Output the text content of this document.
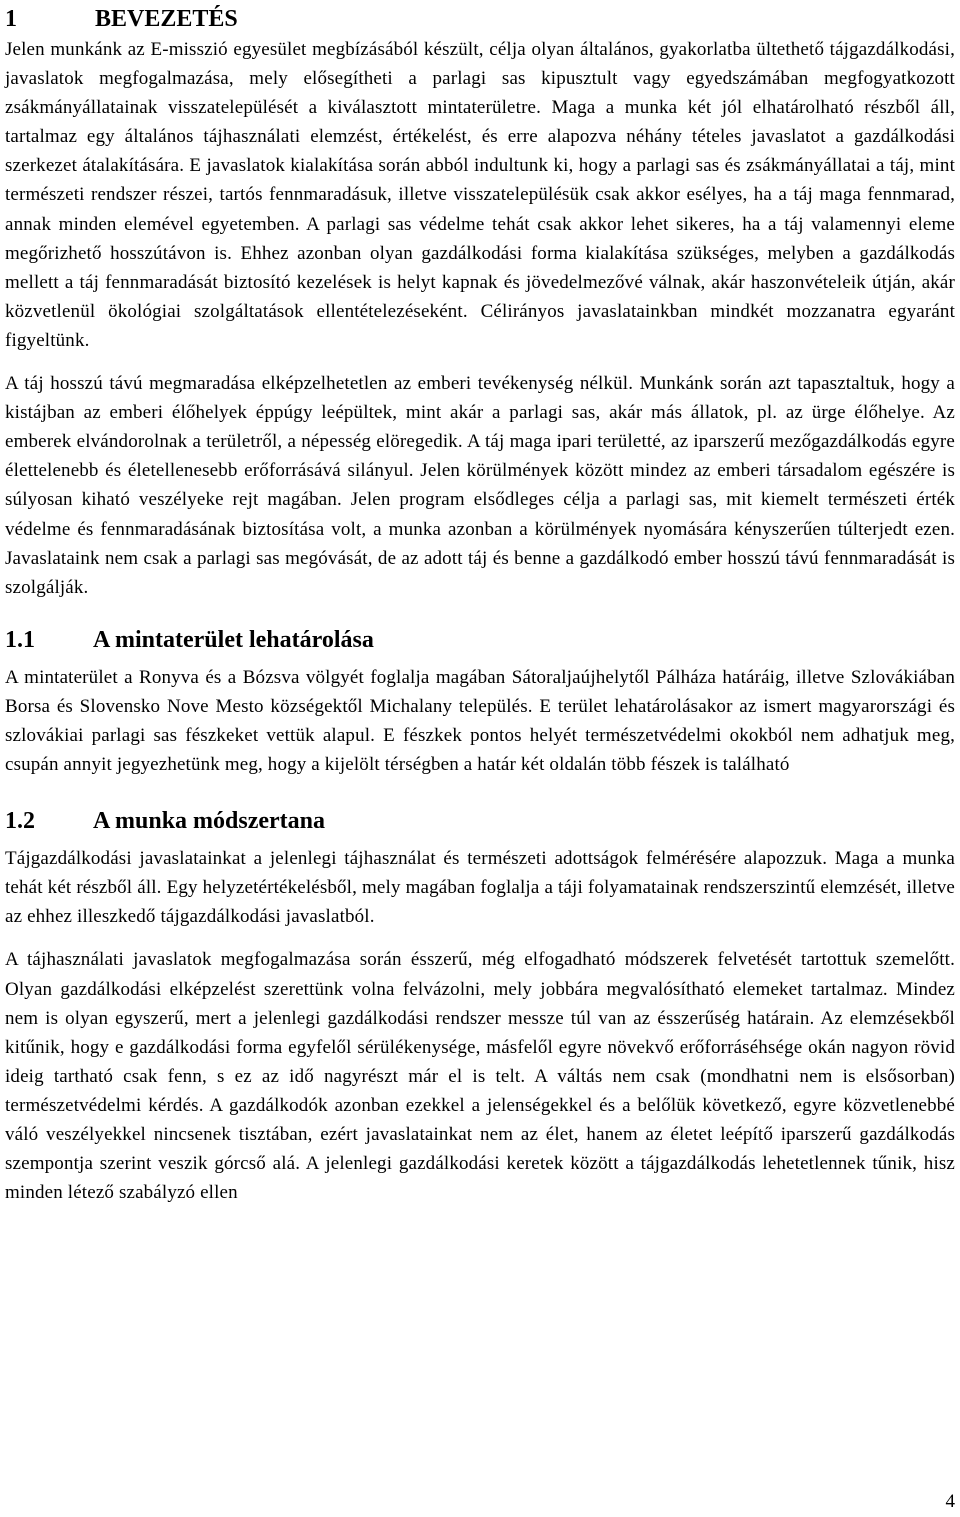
1	BEVEZETÉS

Jelen munkánk az E-misszió egyesület megbízásából készült, célja olyan általános, gyakorlatba ültethető tájgazdálkodási, javaslatok megfogalmazása, mely elősegítheti a parlagi sas kipusztult vagy egyedszámában megfogyatkozott zsákmányállatainak visszatelepülését a kiválasztott mintaterületre. Maga a munka két jól elhatárolható részből áll, tartalmaz egy általános tájhasználati elemzést, értékelést, és erre alapozva néhány tételes javaslatot a gazdálkodási szerkezet átalakítására. E javaslatok kialakítása során abból indultunk ki, hogy a parlagi sas és zsákmányállatai a táj, mint természeti rendszer részei, tartós fennmaradásuk, illetve visszatelepülésük csak akkor esélyes, ha a táj maga fennmarad, annak minden elemével egyetemben. A parlagi sas védelme tehát csak akkor lehet sikeres, ha a táj valamennyi eleme megőrizhető hosszútávon is. Ehhez azonban olyan gazdálkodási forma kialakítása szükséges, melyben a gazdálkodás mellett a táj fennmaradását biztosító kezelések is helyt kapnak és jövedelmezővé válnak, akár haszonvételeik útján, akár közvetlenül ökológiai szolgáltatások ellentételezéseként. Célirányos javaslatainkban mindkét mozzanatra egyaránt figyeltünk.

A táj hosszú távú megmaradása elképzelhetetlen az emberi tevékenység nélkül. Munkánk során azt tapasztaltuk, hogy a kistájban az emberi élőhelyek éppúgy leépültek, mint akár a parlagi sas, akár más állatok, pl. az ürge élőhelye. Az emberek elvándorolnak a területről, a népesség elöregedik. A táj maga ipari területté, az iparszerű mezőgazdálkodás egyre élettelenebb és életellenesebb erőforrásává silányul. Jelen körülmények között mindez az emberi társadalom egészére is súlyosan kiható veszélyeke rejt magában. Jelen program elsődleges célja a parlagi sas, mit kiemelt természeti érték védelme és fennmaradásának biztosítása volt, a munka azonban a körülmények nyomására kényszerűen túlterjedt ezen. Javaslataink nem csak a parlagi sas megóvását, de az adott táj és benne a gazdálkodó ember hosszú távú fennmaradását is szolgálják.

1.1	A mintaterület lehatárolása

A mintaterület a Ronyva és a Bózsva völgyét foglalja magában Sátoraljaújhelytől Pálháza határáig, illetve Szlovákiában Borsa és Slovensko Nove Mesto községektől Michalany település. E terület lehatárolásakor az ismert magyarországi és szlovákiai parlagi sas fészkeket vettük alapul. E fészkek pontos helyét természetvédelmi okokból nem adhatjuk meg, csupán annyit jegyezhetünk meg, hogy a kijelölt térségben a határ két oldalán több fészek is található

1.2	A munka módszertana

Tájgazdálkodási javaslatainkat a jelenlegi tájhasználat és természeti adottságok felmérésére alapozzuk. Maga a munka tehát két részből áll. Egy helyzetértékelésből, mely magában foglalja a táji folyamatainak rendszerszintű elemzését, illetve az ehhez illeszkedő tájgazdálkodási javaslatból.

A tájhasználati javaslatok megfogalmazása során ésszerű, még elfogadható módszerek felvetését tartottuk szemelőtt. Olyan gazdálkodási elképzelést szerettünk volna felvázolni, mely jobbára megvalósítható elemeket tartalmaz. Mindez nem is olyan egyszerű, mert a jelenlegi gazdálkodási rendszer messze túl van az ésszerűség határain. Az elemzésekből kitűnik, hogy e gazdálkodási forma egyfelől sérülékenysége, másfelől egyre növekvő erőforráséhsége okán nagyon rövid ideig tartható csak fenn, s ez az idő nagyrészt már el is telt. A váltás nem csak (mondhatni nem is elsősorban) természetvédelmi kérdés. A gazdálkodók azonban ezekkel a jelenségekkel és a belőlük következő, egyre közvetlenebbé váló veszélyekkel nincsenek tisztában, ezért javaslatainkat nem az élet, hanem az életet leépítő iparszerű gazdálkodás szempontja szerint veszik górcső alá. A jelenlegi gazdálkodási keretek között a tájgazdálkodás lehetetlennek tűnik, hisz minden létező szabályzó ellen

4
